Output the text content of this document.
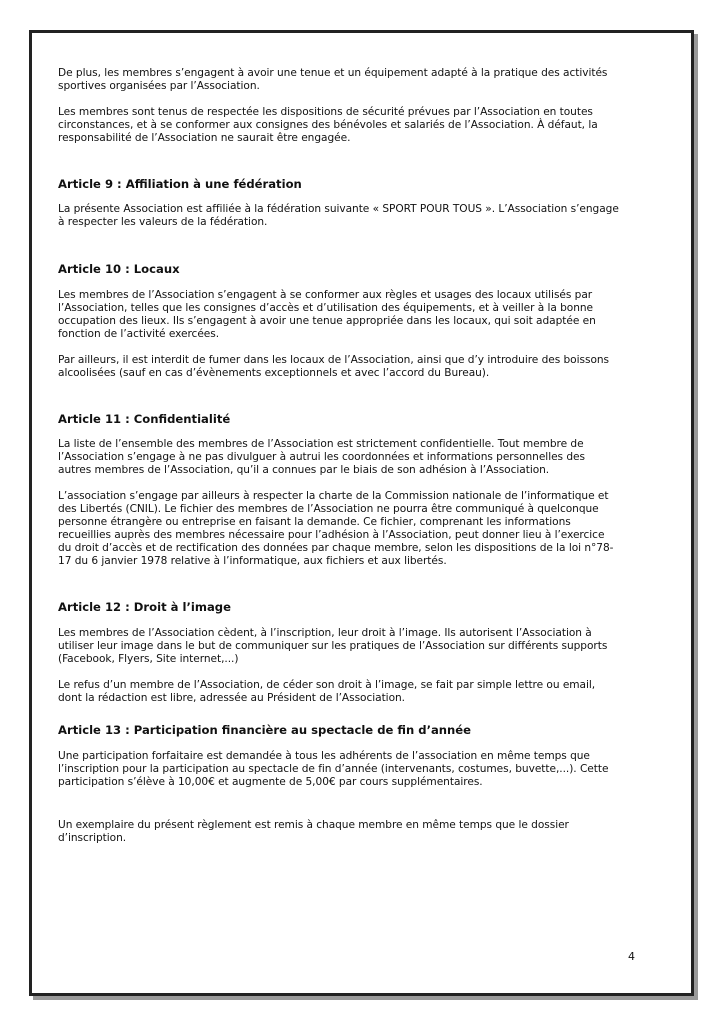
De plus, les membres s’engagent à avoir une tenue et un équipement adapté à la pratique des activités sportives organisées par l’Association.

Les membres sont tenus de respectée les dispositions de sécurité prévues par l’Association en toutes circonstances, et à se conformer aux consignes des bénévoles et salariés de l’Association. À défaut, la responsabilité de l’Association ne saurait être engagée.

Article 9 : Affiliation à une fédération

La présente Association est affiliée à la fédération suivante « SPORT POUR TOUS ». L’Association s’engage à respecter les valeurs de la fédération.

Article 10 : Locaux

Les membres de l’Association s’engagent à se conformer aux règles et usages des locaux utilisés par l’Association, telles que les consignes d’accès et d’utilisation des équipements, et à veiller à la bonne occupation des lieux. Ils s’engagent à avoir une tenue appropriée dans les locaux, qui soit adaptée en fonction de l’activité exercées.

Par ailleurs, il est interdit de fumer dans les locaux de l’Association, ainsi que d’y introduire des boissons alcoolisées (sauf en cas d’évènements exceptionnels et avec l’accord du Bureau).

Article 11 : Confidentialité

La liste de l’ensemble des membres de l’Association est strictement confidentielle. Tout membre de l’Association s’engage à ne pas divulguer à autrui les coordonnées et informations personnelles des autres membres de l’Association, qu’il a connues par le biais de son adhésion à l’Association.

L’association s’engage par ailleurs à respecter la charte de la Commission nationale de l’informatique et des Libertés (CNIL). Le fichier des membres de l’Association ne pourra être communiqué à quelconque personne étrangère ou entreprise en faisant la demande. Ce fichier, comprenant les informations recueillies auprès des membres nécessaire pour l’adhésion à l’Association, peut donner lieu à l’exercice du droit d’accès et de rectification des données par chaque membre, selon les dispositions de la loi n°78-17 du 6 janvier 1978 relative à l’informatique, aux fichiers et aux libertés.

Article 12 : Droit à l’image

Les membres de l’Association cèdent, à l’inscription, leur droit à l’image. Ils autorisent l’Association à utiliser leur image dans le but de communiquer sur les pratiques de l’Association sur différents supports (Facebook, Flyers, Site internet,...)

Le refus d’un membre de l’Association, de céder son droit à l’image, se fait par simple lettre ou email, dont la rédaction est libre, adressée au Président de l’Association.

Article 13 : Participation financière au spectacle de fin d’année

Une participation forfaitaire est demandée à tous les adhérents de l’association en même temps que l’inscription pour la participation au spectacle de fin d’année (intervenants, costumes, buvette,...). Cette participation s’élève à 10,00€ et augmente de 5,00€ par cours supplémentaires.

Un exemplaire du présent règlement est remis à chaque membre en même temps que le dossier d’inscription.

4
